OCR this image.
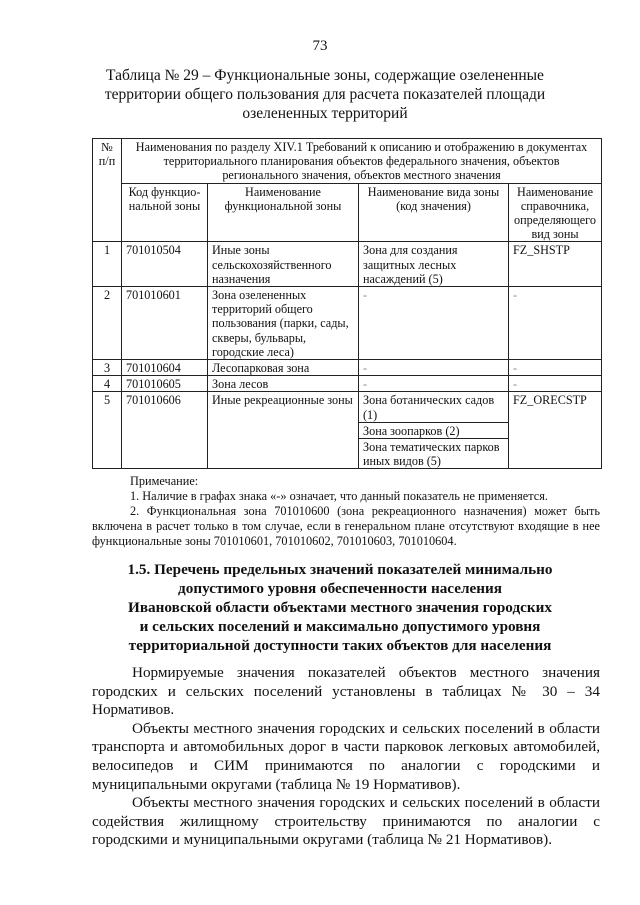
73
Таблица № 29 – Функциональные зоны, содержащие озелененные территории общего пользования для расчета показателей площади озелененных территорий
№ п/п	Наименования по разделу XIV.1 Требований к описанию и отображению в документах территориального планирования объектов федерального значения, объектов регионального значения, объектов местного значения			
	Код функцио-нальной зоны	Наименование функциональной зоны	Наименование вида зоны (код значения)	Наименование справочника, определяющего вид зоны
1	701010504	Иные зоны сельскохозяйственного назначения	Зона для создания защитных лесных насаждений (5)	FZ_SHSTP
2	701010601	Зона озелененных территорий общего пользования (парки, сады, скверы, бульвары, городские леса)	-	-
3	701010604	Лесопарковая зона	-	-
4	701010605	Зона лесов	-	-
5	701010606	Иные рекреационные зоны	Зона ботанических садов (1)	FZ_ORECSTP
			Зона зоопарков (2)	
			Зона тематических парков иных видов (5)	
Примечание:
1. Наличие в графах знака «-» означает, что данный показатель не применяется.
2. Функциональная зона 701010600 (зона рекреационного назначения) может быть включена в расчет только в том случае, если в генеральном плане отсутствуют входящие в нее функциональные зоны 701010601, 701010602, 701010603, 701010604.
1.5. Перечень предельных значений показателей минимально
допустимого уровня обеспеченности населения
Ивановской области объектами местного значения городских
и сельских поселений и максимально допустимого уровня
территориальной доступности таких объектов для населения

Нормируемые значения показателей объектов местного значения городских и сельских поселений установлены в таблицах № 30 – 34 Нормативов.

Объекты местного значения городских и сельских поселений в области транспорта и автомобильных дорог в части парковок легковых автомобилей, велосипедов и СИМ принимаются по аналогии с городскими и муниципальными округами (таблица № 19 Нормативов).

Объекты местного значения городских и сельских поселений в области содействия жилищному строительству принимаются по аналогии с городскими и муниципальными округами (таблица № 21 Нормативов).
